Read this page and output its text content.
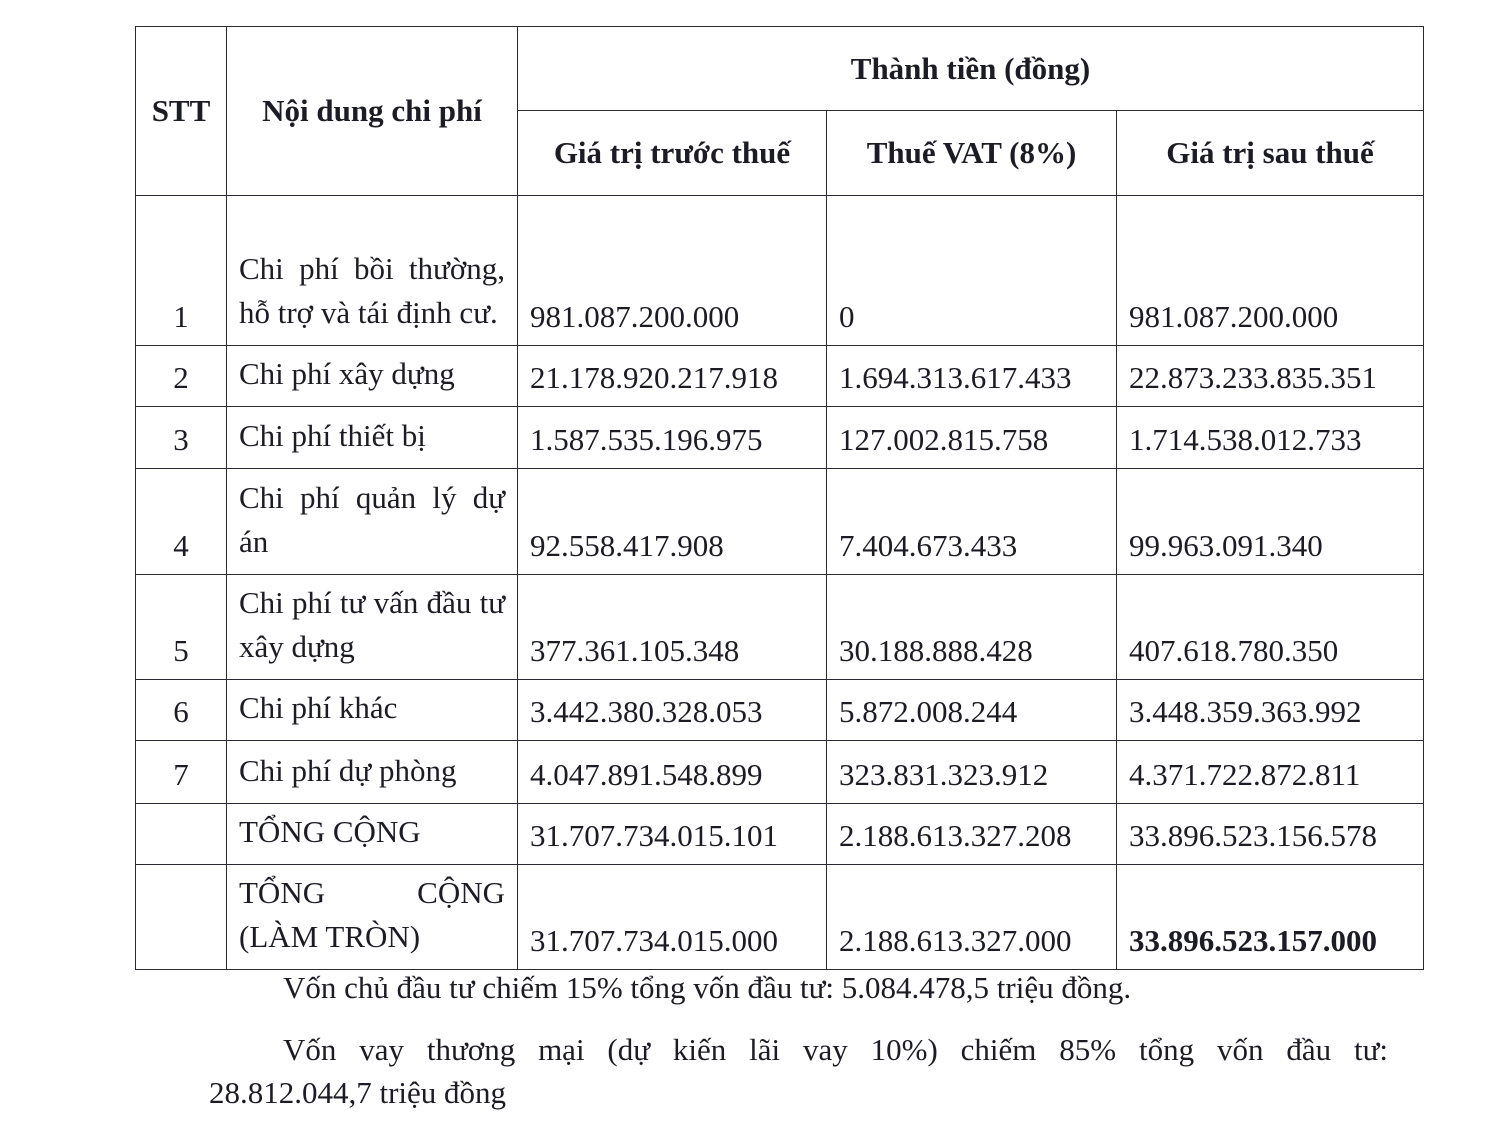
STT	Nội dung chi phí	Thành tiền (đồng)		
		Giá trị trước thuế	Thuế VAT (8%)	Giá trị sau thuế
1	Chi phí bồi thường, hỗ trợ và tái định cư.	981.087.200.000	0	981.087.200.000
2	Chi phí xây dựng	21.178.920.217.918	1.694.313.617.433	22.873.233.835.351
3	Chi phí thiết bị	1.587.535.196.975	127.002.815.758	1.714.538.012.733
4	Chi phí quản lý dự án	92.558.417.908	7.404.673.433	99.963.091.340
5	Chi phí tư vấn đầu tư xây dựng	377.361.105.348	30.188.888.428	407.618.780.350
6	Chi phí khác	3.442.380.328.053	5.872.008.244	3.448.359.363.992
7	Chi phí dự phòng	4.047.891.548.899	323.831.323.912	4.371.722.872.811
	TỔNG CỘNG	31.707.734.015.101	2.188.613.327.208	33.896.523.156.578
	TỔNG CỘNG (LÀM TRÒN)	31.707.734.015.000	2.188.613.327.000	33.896.523.157.000
Vốn chủ đầu tư chiếm 15% tổng vốn đầu tư: 5.084.478,5 triệu đồng.
Vốn vay thương mại (dự kiến lãi vay 10%) chiếm 85% tổng vốn đầu tư:
28.812.044,7 triệu đồng
